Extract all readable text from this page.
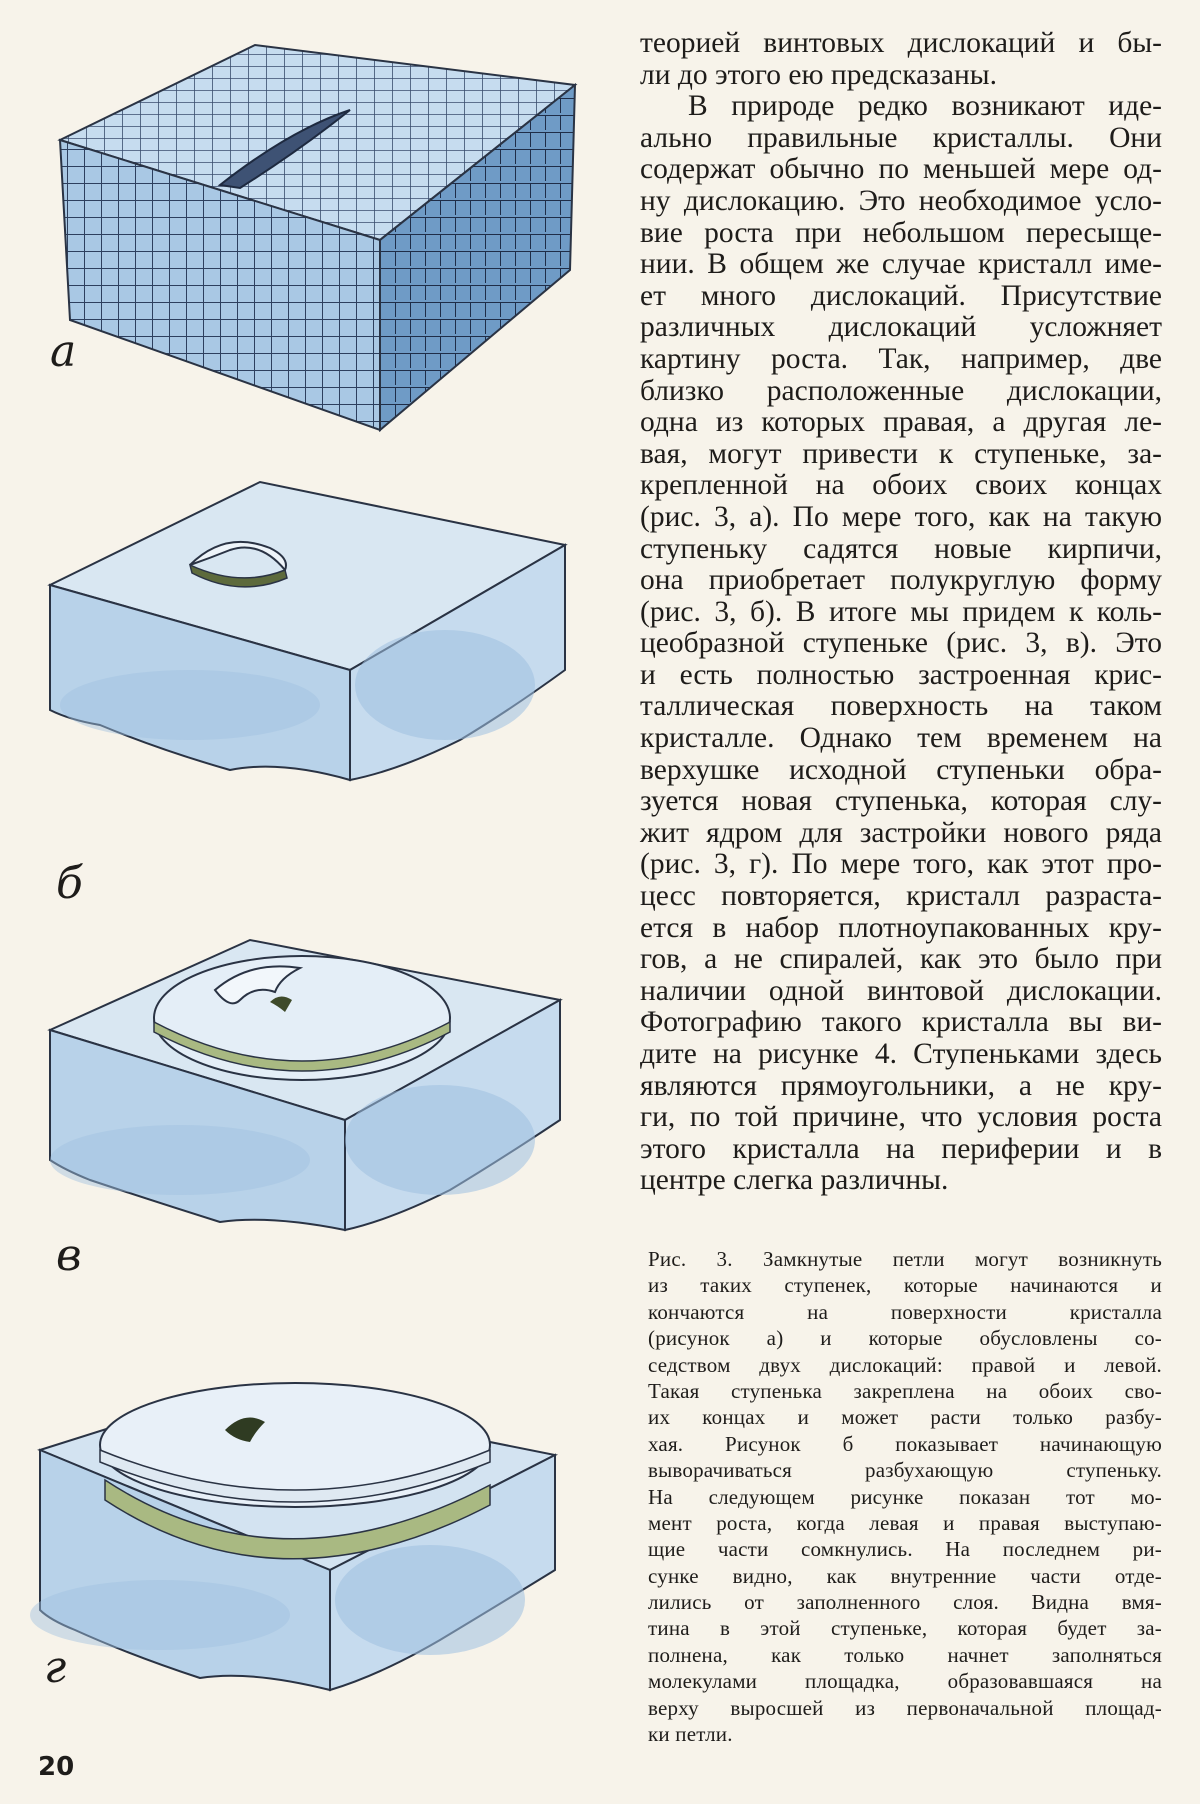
а
б
в
г
теорией винтовых дислокаций и бы-
ли до этого ею предсказаны.
В природе редко возникают иде-
ально правильные кристаллы. Они
содержат обычно по меньшей мере од-
ну дислокацию. Это необходимое усло-
вие роста при небольшом пересыще-
нии. В общем же случае кристалл име-
ет много дислокаций. Присутствие
различных дислокаций усложняет
картину роста. Так, например, две
близко расположенные дислокации,
одна из которых правая, а другая ле-
вая, могут привести к ступеньке, за-
крепленной на обоих своих концах
(рис. 3, а). По мере того, как на такую
ступеньку садятся новые кирпичи,
она приобретает полукруглую форму
(рис. 3, б). В итоге мы придем к коль-
цеобразной ступеньке (рис. 3, в). Это
и есть полностью застроенная крис-
таллическая поверхность на таком
кристалле. Однако тем временем на
верхушке исходной ступеньки обра-
зуется новая ступенька, которая слу-
жит ядром для застройки нового ряда
(рис. 3, г). По мере того, как этот про-
цесс повторяется, кристалл разраста-
ется в набор плотноупакованных кру-
гов, а не спиралей, как это было при
наличии одной винтовой дислокации.
Фотографию такого кристалла вы ви-
дите на рисунке 4. Ступеньками здесь
являются прямоугольники, а не кру-
ги, по той причине, что условия роста
этого кристалла на периферии и в
центре слегка различны.
Рис. 3. Замкнутые петли могут возникнуть
из таких ступенек, которые начинаются и
кончаются на поверхности кристалла
(рисунок а) и которые обусловлены со-
седством двух дислокаций: правой и левой.
Такая ступенька закреплена на обоих сво-
их концах и может расти только разбу-
хая. Рисунок б показывает начинающую
выворачиваться разбухающую ступеньку.
На следующем рисунке показан тот мо-
мент роста, когда левая и правая выступаю-
щие части сомкнулись. На последнем ри-
сунке видно, как внутренние части отде-
лились от заполненного слоя. Видна вмя-
тина в этой ступеньке, которая будет за-
полнена, как только начнет заполняться
молекулами площадка, образовавшаяся на
верху выросшей из первоначальной площад-
ки петли.
20
